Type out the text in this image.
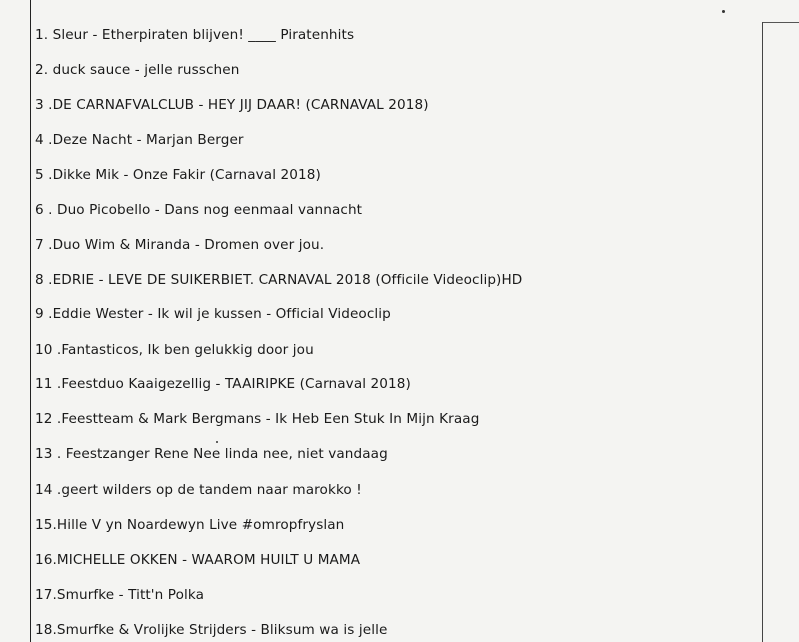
1. Sleur - Etherpiraten blijven! ____ Piratenhits
2. duck sauce - jelle russchen
3 .DE CARNAFVALCLUB - HEY JIJ DAAR! (CARNAVAL 2018)
4 .Deze Nacht - Marjan Berger
5 .Dikke Mik - Onze Fakir (Carnaval 2018)
6 . Duo Picobello - Dans nog eenmaal vannacht
7 .Duo Wim & Miranda - Dromen over jou.
8 .EDRIE - LEVE DE SUIKERBIET. CARNAVAL 2018 (Officile Videoclip)HD
9 .Eddie Wester - Ik wil je kussen - Official Videoclip
10 .Fantasticos, Ik ben gelukkig door jou
11 .Feestduo Kaaigezellig - TAAIRIPKE (Carnaval 2018)
12 .Feestteam & Mark Bergmans - Ik Heb Een Stuk In Mijn Kraag
13 . Feestzanger Rene Nee linda nee, niet vandaag
14 .geert wilders op de tandem naar marokko !
15.Hille V yn Noardewyn Live #omropfryslan
16.MICHELLE OKKEN - WAAROM HUILT U MAMA
17.Smurfke - Titt'n Polka
18.Smurfke & Vrolijke Strijders - Bliksum wa is jelle
